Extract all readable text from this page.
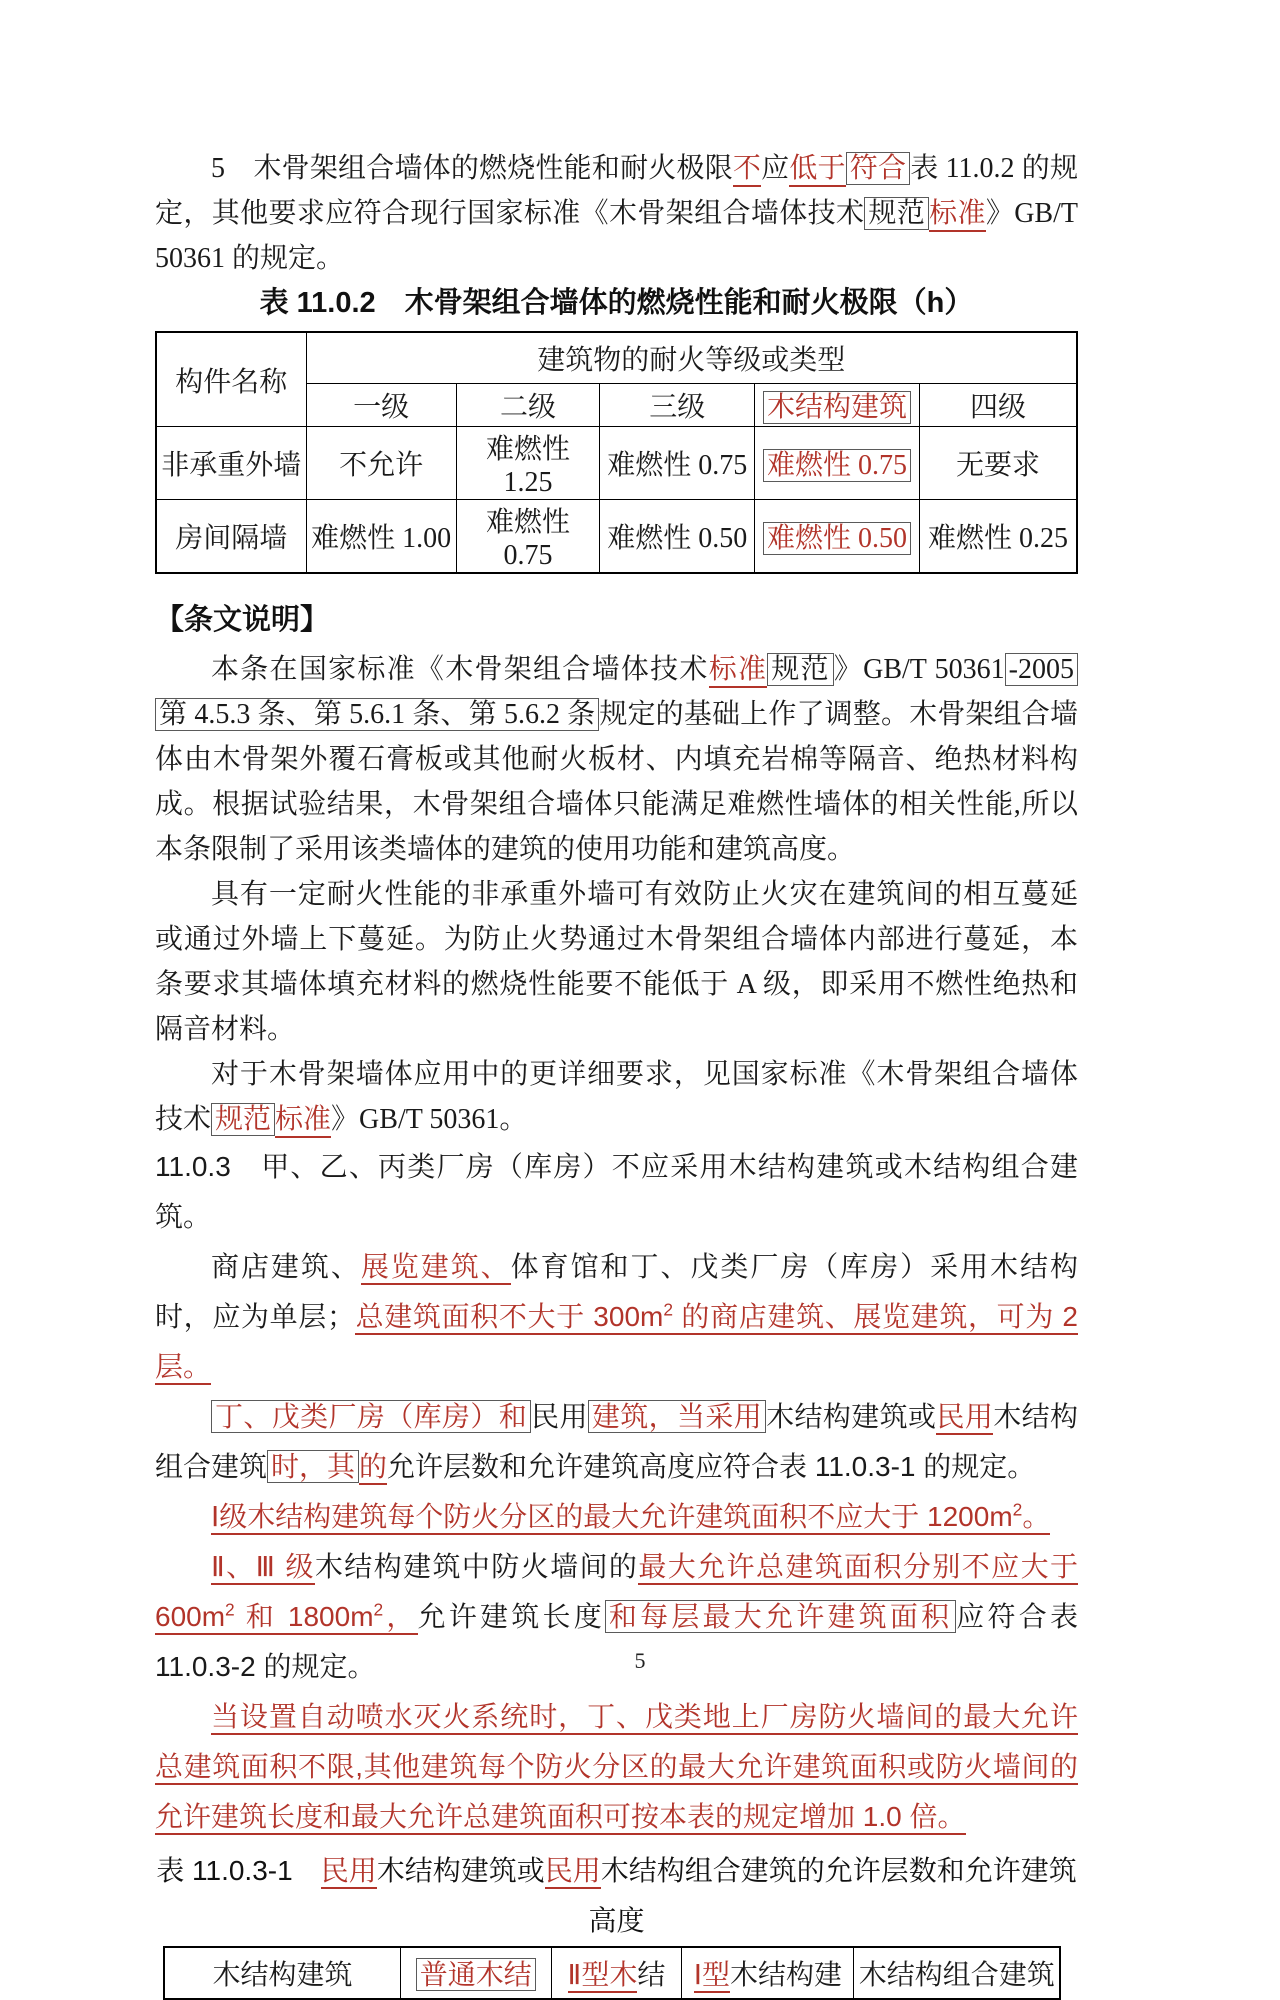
5　木骨架组合墙体的燃烧性能和耐火极限不应低于 符合 表 11.0.2 的规定，其他要求应符合现行国家标准《木骨架组合墙体技术 规范 标准》GB/T 50361 的规定。

表 11.0.2　木骨架组合墙体的燃烧性能和耐火极限（h）

构件名称	建筑物的耐火等级或类型				
	一级	二级	三级	木结构建筑	四级
非承重外墙	不允许	难燃性 1.25	难燃性 0.75	难燃性 0.75	无要求
房间隔墙	难燃性 1.00	难燃性 0.75	难燃性 0.50	难燃性 0.50	难燃性 0.25

【条文说明】

本条在国家标准《木骨架组合墙体技术标准 规范 》GB/T 50361 -2005 第 4.5.3 条、第 5.6.1 条、第 5.6.2 条 规定的基础上作了调整。木骨架组合墙体由木骨架外覆石膏板或其他耐火板材、内填充岩棉等隔音、绝热材料构成。根据试验结果，木骨架组合墙体只能满足难燃性墙体的相关性能,所以本条限制了采用该类墙体的建筑的使用功能和建筑高度。

具有一定耐火性能的非承重外墙可有效防止火灾在建筑间的相互蔓延或通过外墙上下蔓延。为防止火势通过木骨架组合墙体内部进行蔓延，本条要求其墙体填充材料的燃烧性能要不能低于 A 级，即采用不燃性绝热和隔音材料。

对于木骨架墙体应用中的更详细要求，见国家标准《木骨架组合墙体技术 规范 标准》GB/T 50361。

11.0.3　甲、乙、丙类厂房（库房）不应采用木结构建筑或木结构组合建筑。

商店建筑、展览建筑、体育馆和丁、戊类厂房（库房）采用木结构时，应为单层；总建筑面积不大于 $300m^2$ 的商店建筑、展览建筑，可为 2 层。

丁、戊类厂房（库房）和 民用 建筑，当采用 木结构建筑或民用木结构组合建筑 时，其 的允许层数和允许建筑高度应符合表 11.0.3-1 的规定。

Ⅰ级木结构建筑每个防火分区的最大允许建筑面积不应大于 $1200m^2$。

Ⅱ、Ⅲ 级木结构建筑中防火墙间的最大允许总建筑面积分别不应大于 $600m^2$ 和 $1800m^2$，允许建筑长度 和每层最大允许建筑面积 应符合表 11.0.3-2 的规定。

当设置自动喷水灭火系统时，丁、戊类地上厂房防火墙间的最大允许总建筑面积不限,其他建筑每个防火分区的最大允许建筑面积或防火墙间的允许建筑长度和最大允许总建筑面积可按本表的规定增加 1.0 倍。

表 11.0.3-1　民用木结构建筑或民用木结构组合建筑的允许层数和允许建筑高度

木结构建筑	普通木结	Ⅱ型木结	Ⅰ型木结构建	木结构组合建筑
5
